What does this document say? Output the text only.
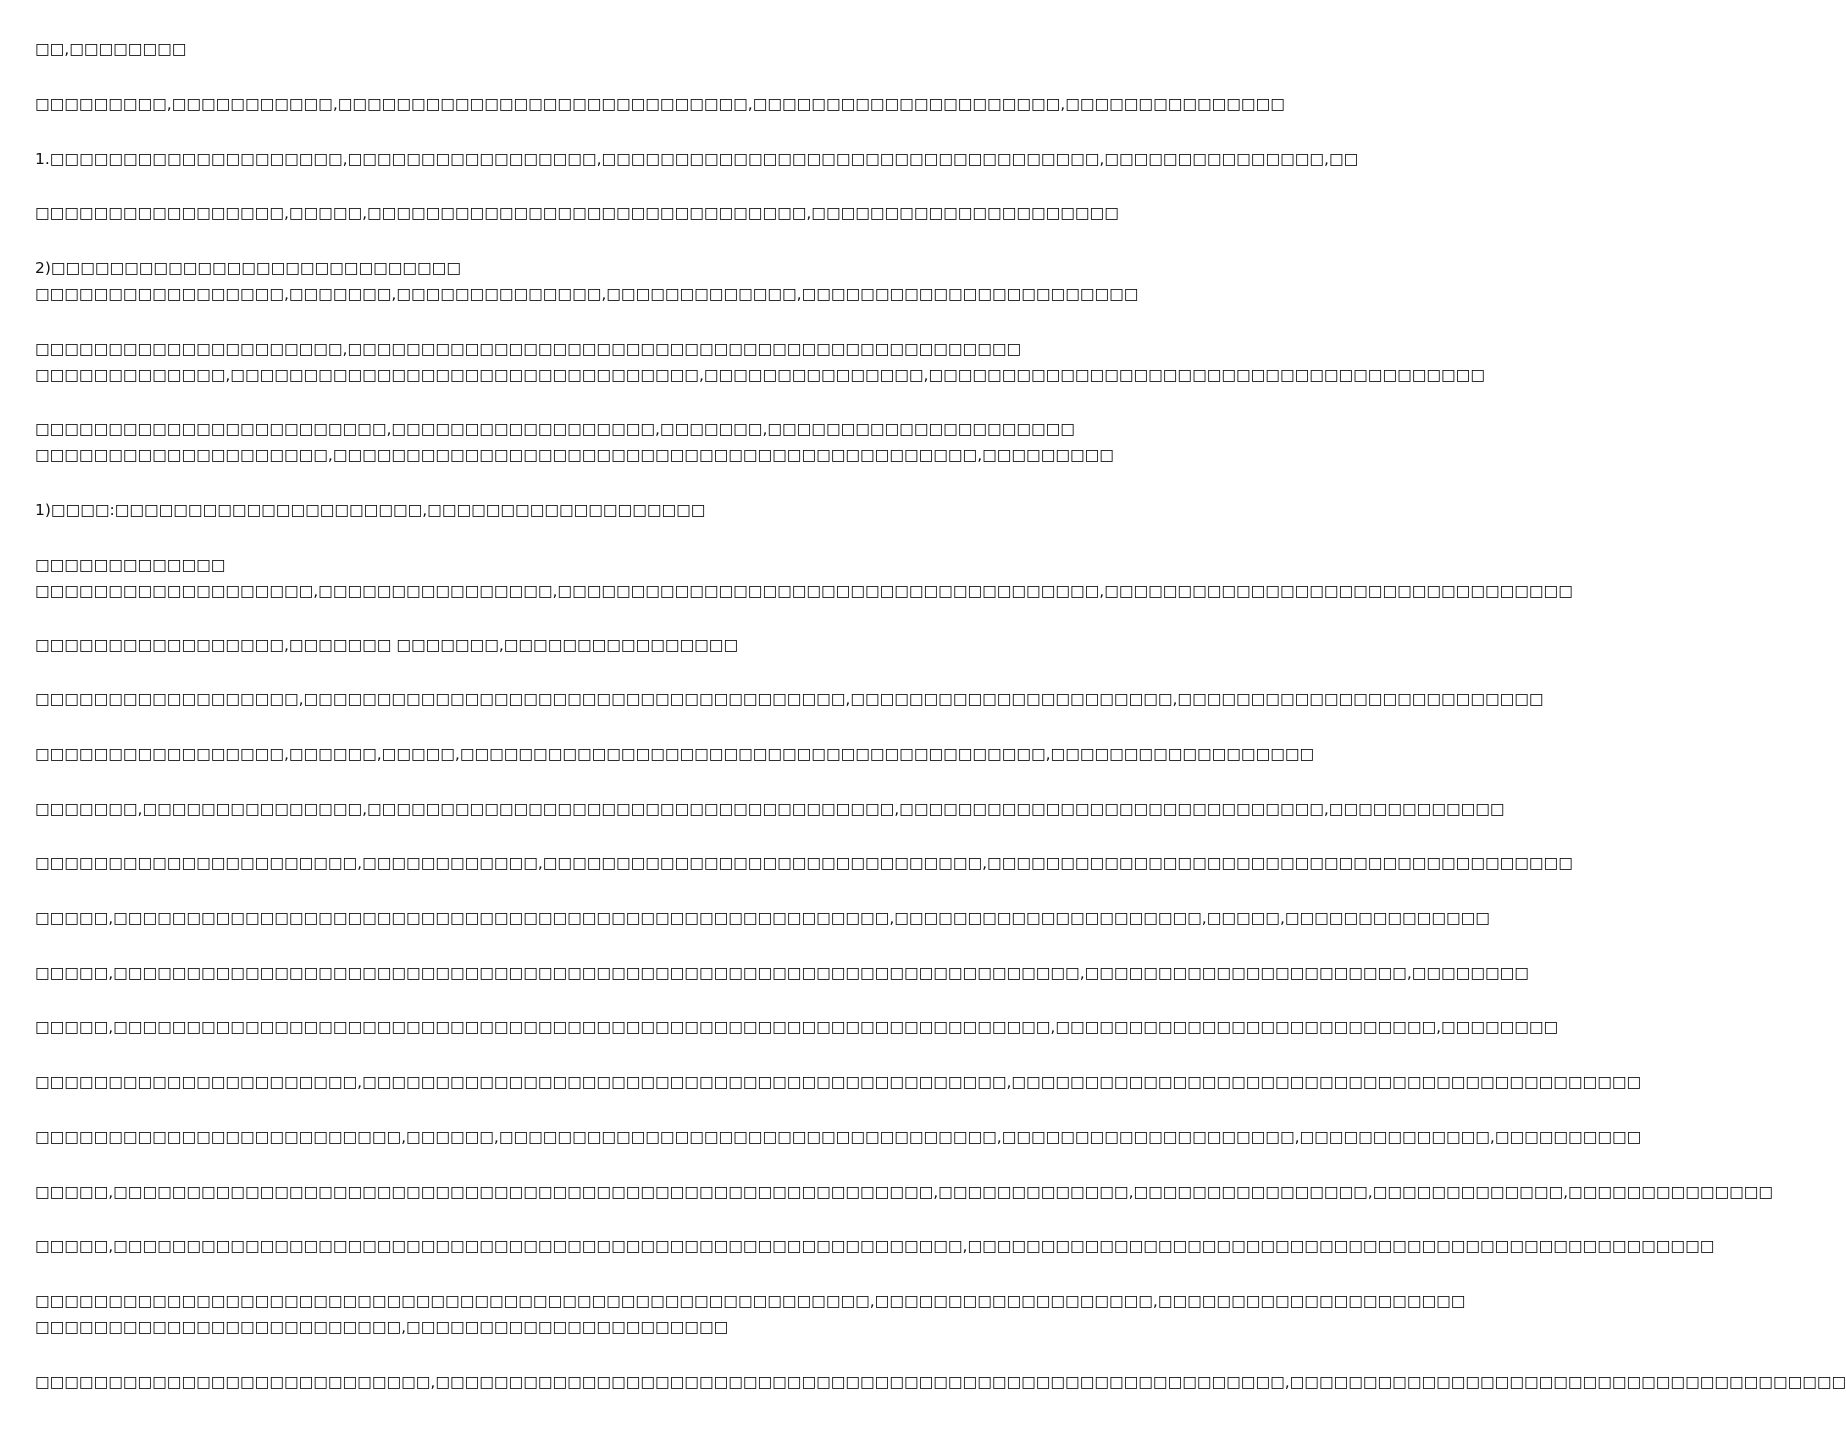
□□,□□□□□□□□

□□□□□□□□□,□□□□□□□□□□□,□□□□□□□□□□□□□□□□□□□□□□□□□□□□,□□□□□□□□□□□□□□□□□□□□□,□□□□□□□□□□□□□□□

1.□□□□□□□□□□□□□□□□□□□□,□□□□□□□□□□□□□□□□□,□□□□□□□□□□□□□□□□□□□□□□□□□□□□□□□□□□,□□□□□□□□□□□□□□□,□□

□□□□□□□□□□□□□□□□□,□□□□□,□□□□□□□□□□□□□□□□□□□□□□□□□□□□□□,□□□□□□□□□□□□□□□□□□□□□

2)□□□□□□□□□□□□□□□□□□□□□□□□□□□□
□□□□□□□□□□□□□□□□□,□□□□□□□,□□□□□□□□□□□□□□,□□□□□□□□□□□□□,□□□□□□□□□□□□□□□□□□□□□□□

□□□□□□□□□□□□□□□□□□□□□,□□□□□□□□□□□□□□□□□□□□□□□□□□□□□□□□□□□□□□□□□□□□□□
□□□□□□□□□□□□□,□□□□□□□□□□□□□□□□□□□□□□□□□□□□□□□□,□□□□□□□□□□□□□□□,□□□□□□□□□□□□□□□□□□□□□□□□□□□□□□□□□□□□□□

□□□□□□□□□□□□□□□□□□□□□□□□,□□□□□□□□□□□□□□□□□□,□□□□□□□,□□□□□□□□□□□□□□□□□□□□□
□□□□□□□□□□□□□□□□□□□□,□□□□□□□□□□□□□□□□□□□□□□□□□□□□□□□□□□□□□□□□□□□□,□□□□□□□□□

1)□□□□:□□□□□□□□□□□□□□□□□□□□□,□□□□□□□□□□□□□□□□□□□

□□□□□□□□□□□□□
□□□□□□□□□□□□□□□□□□□,□□□□□□□□□□□□□□□□,□□□□□□□□□□□□□□□□□□□□□□□□□□□□□□□□□□□□□,□□□□□□□□□□□□□□□□□□□□□□□□□□□□□□□□

□□□□□□□□□□□□□□□□□,□□□□□□□ □□□□□□□,□□□□□□□□□□□□□□□□

□□□□□□□□□□□□□□□□□□,□□□□□□□□□□□□□□□□□□□□□□□□□□□□□□□□□□□□□,□□□□□□□□□□□□□□□□□□□□□□,□□□□□□□□□□□□□□□□□□□□□□□□□

□□□□□□□□□□□□□□□□□,□□□□□□,□□□□□,□□□□□□□□□□□□□□□□□□□□□□□□□□□□□□□□□□□□□□□□,□□□□□□□□□□□□□□□□□□

□□□□□□□,□□□□□□□□□□□□□□□,□□□□□□□□□□□□□□□□□□□□□□□□□□□□□□□□□□□□,□□□□□□□□□□□□□□□□□□□□□□□□□□□□□,□□□□□□□□□□□□

□□□□□□□□□□□□□□□□□□□□□□,□□□□□□□□□□□□,□□□□□□□□□□□□□□□□□□□□□□□□□□□□□□,□□□□□□□□□□□□□□□□□□□□□□□□□□□□□□□□□□□□□□□□

□□□□□,□□□□□□□□□□□□□□□□□□□□□□□□□□□□□□□□□□□□□□□□□□□□□□□□□□□□□,□□□□□□□□□□□□□□□□□□□□□,□□□□□,□□□□□□□□□□□□□□

□□□□□,□□□□□□□□□□□□□□□□□□□□□□□□□□□□□□□□□□□□□□□□□□□□□□□□□□□□□□□□□□□□□□□□□□,□□□□□□□□□□□□□□□□□□□□□□,□□□□□□□□

□□□□□,□□□□□□□□□□□□□□□□□□□□□□□□□□□□□□□□□□□□□□□□□□□□□□□□□□□□□□□□□□□□□□□□,□□□□□□□□□□□□□□□□□□□□□□□□□□,□□□□□□□□

□□□□□□□□□□□□□□□□□□□□□□,□□□□□□□□□□□□□□□□□□□□□□□□□□□□□□□□□□□□□□□□□□□□,□□□□□□□□□□□□□□□□□□□□□□□□□□□□□□□□□□□□□□□□□□□

□□□□□□□□□□□□□□□□□□□□□□□□□,□□□□□□,□□□□□□□□□□□□□□□□□□□□□□□□□□□□□□□□□□,□□□□□□□□□□□□□□□□□□□□,□□□□□□□□□□□□□,□□□□□□□□□□

□□□□□,□□□□□□□□□□□□□□□□□□□□□□□□□□□□□□□□□□□□□□□□□□□□□□□□□□□□□□□□,□□□□□□□□□□□□□,□□□□□□□□□□□□□□□□,□□□□□□□□□□□□□,□□□□□□□□□□□□□□

□□□□□,□□□□□□□□□□□□□□□□□□□□□□□□□□□□□□□□□□□□□□□□□□□□□□□□□□□□□□□□□□,□□□□□□□□□□□□□□□□□□□□□□□□□□□□□□□□□□□□□□□□□□□□□□□□□□□

□□□□□□□□□□□□□□□□□□□□□□□□□□□□□□□□□□□□□□□□□□□□□□□□□□□□□□□□□,□□□□□□□□□□□□□□□□□□□,□□□□□□□□□□□□□□□□□□□□□
□□□□□□□□□□□□□□□□□□□□□□□□□,□□□□□□□□□□□□□□□□□□□□□□

□□□□□□□□□□□□□□□□□□□□□□□□□□□,□□□□□□□□□□□□□□□□□□□□□□□□□□□□□□□□□□□□□□□□□□□□□□□□□□□□□□□□□□,□□□□□□□□□□□□□□□□□□□□□□□□□□□□□□□□□□□□□□
